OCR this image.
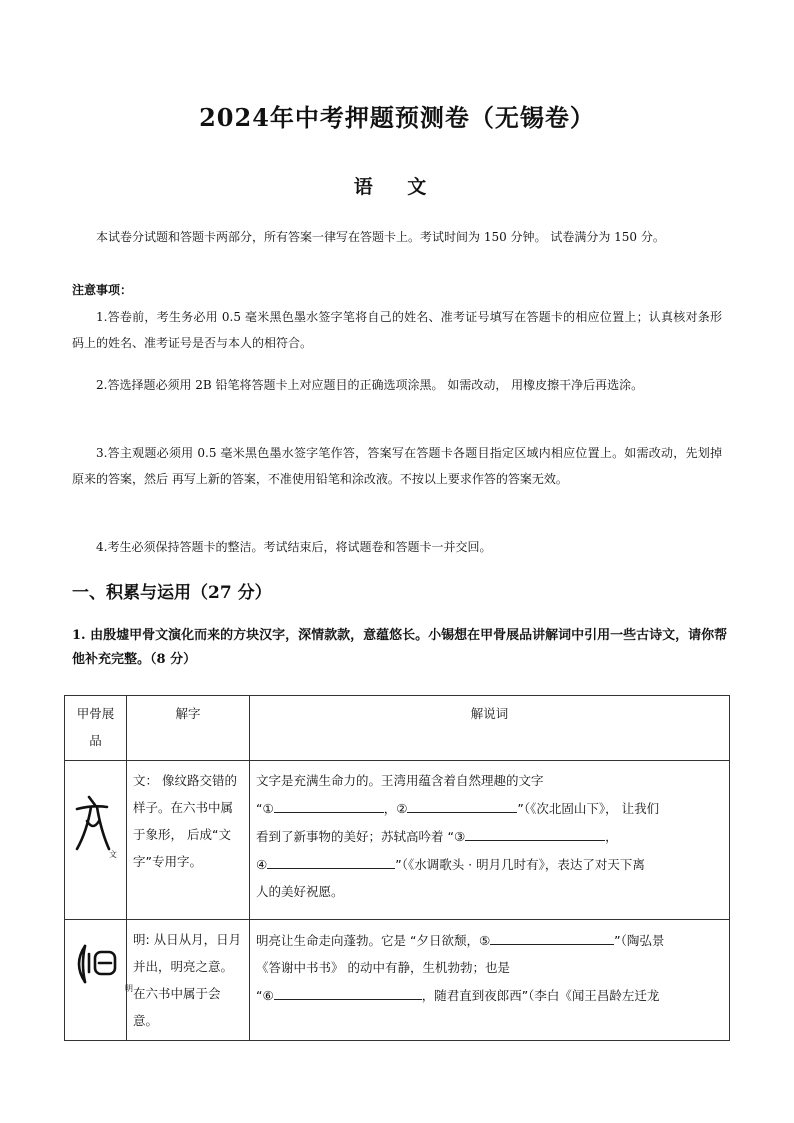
2024年中考押题预测卷（无锡卷）
语 文
本试卷分试题和答题卡两部分，所有答案一律写在答题卡上。考试时间为 150 分钟。 试卷满分为 150 分。
注意事项：
1.答卷前，考生务必用 0.5 毫米黑色墨水签字笔将自己的姓名、准考证号填写在答题卡的相应位置上；认真核对条形码上的姓名、准考证号是否与本人的相符合。
2.答选择题必须用 2B 铅笔将答题卡上对应题目的正确选项涂黑。 如需改动， 用橡皮擦干净后再选涂。
3.答主观题必须用 0.5 毫米黑色墨水签字笔作答，答案写在答题卡各题目指定区域内相应位置上。如需改动，先划掉原来的答案，然后 再写上新的答案，不准使用铅笔和涂改液。不按以上要求作答的答案无效。
4.考生必须保持答题卡的整洁。考试结束后，将试题卷和答题卡一并交回。
一、积累与运用（27 分）
1. 由殷墟甲骨文演化而来的方块汉字，深情款款，意蕴悠长。小锡想在甲骨展品讲解词中引用一些古诗文，请你帮他补充完整。（8 分）
甲骨展品	解字	解说词

文	文： 像纹路交错的样子。在六书中属于象形， 后成“文字”专用字。	文字是充满生命力的。王湾用蕴含着自然理趣的文字
“① ，② ”（《次北固山下》， 让我们
看到了新事物的美好；苏轼高吟着 “③ ，
④ ”（《水调歌头 · 明月几时有》，表达了对天下离
人的美好祝愿。

明	明: 从日从月，日月并出，明亮之意。在六书中属于会意。	明亮让生命走向蓬勃。它是 “夕日欲颓，⑤ ”（陶弘景
《答谢中书书》 的动中有静，生机勃勃；也是
“⑥ ，随君直到夜郎西”（李白《闻王昌龄左迁龙
